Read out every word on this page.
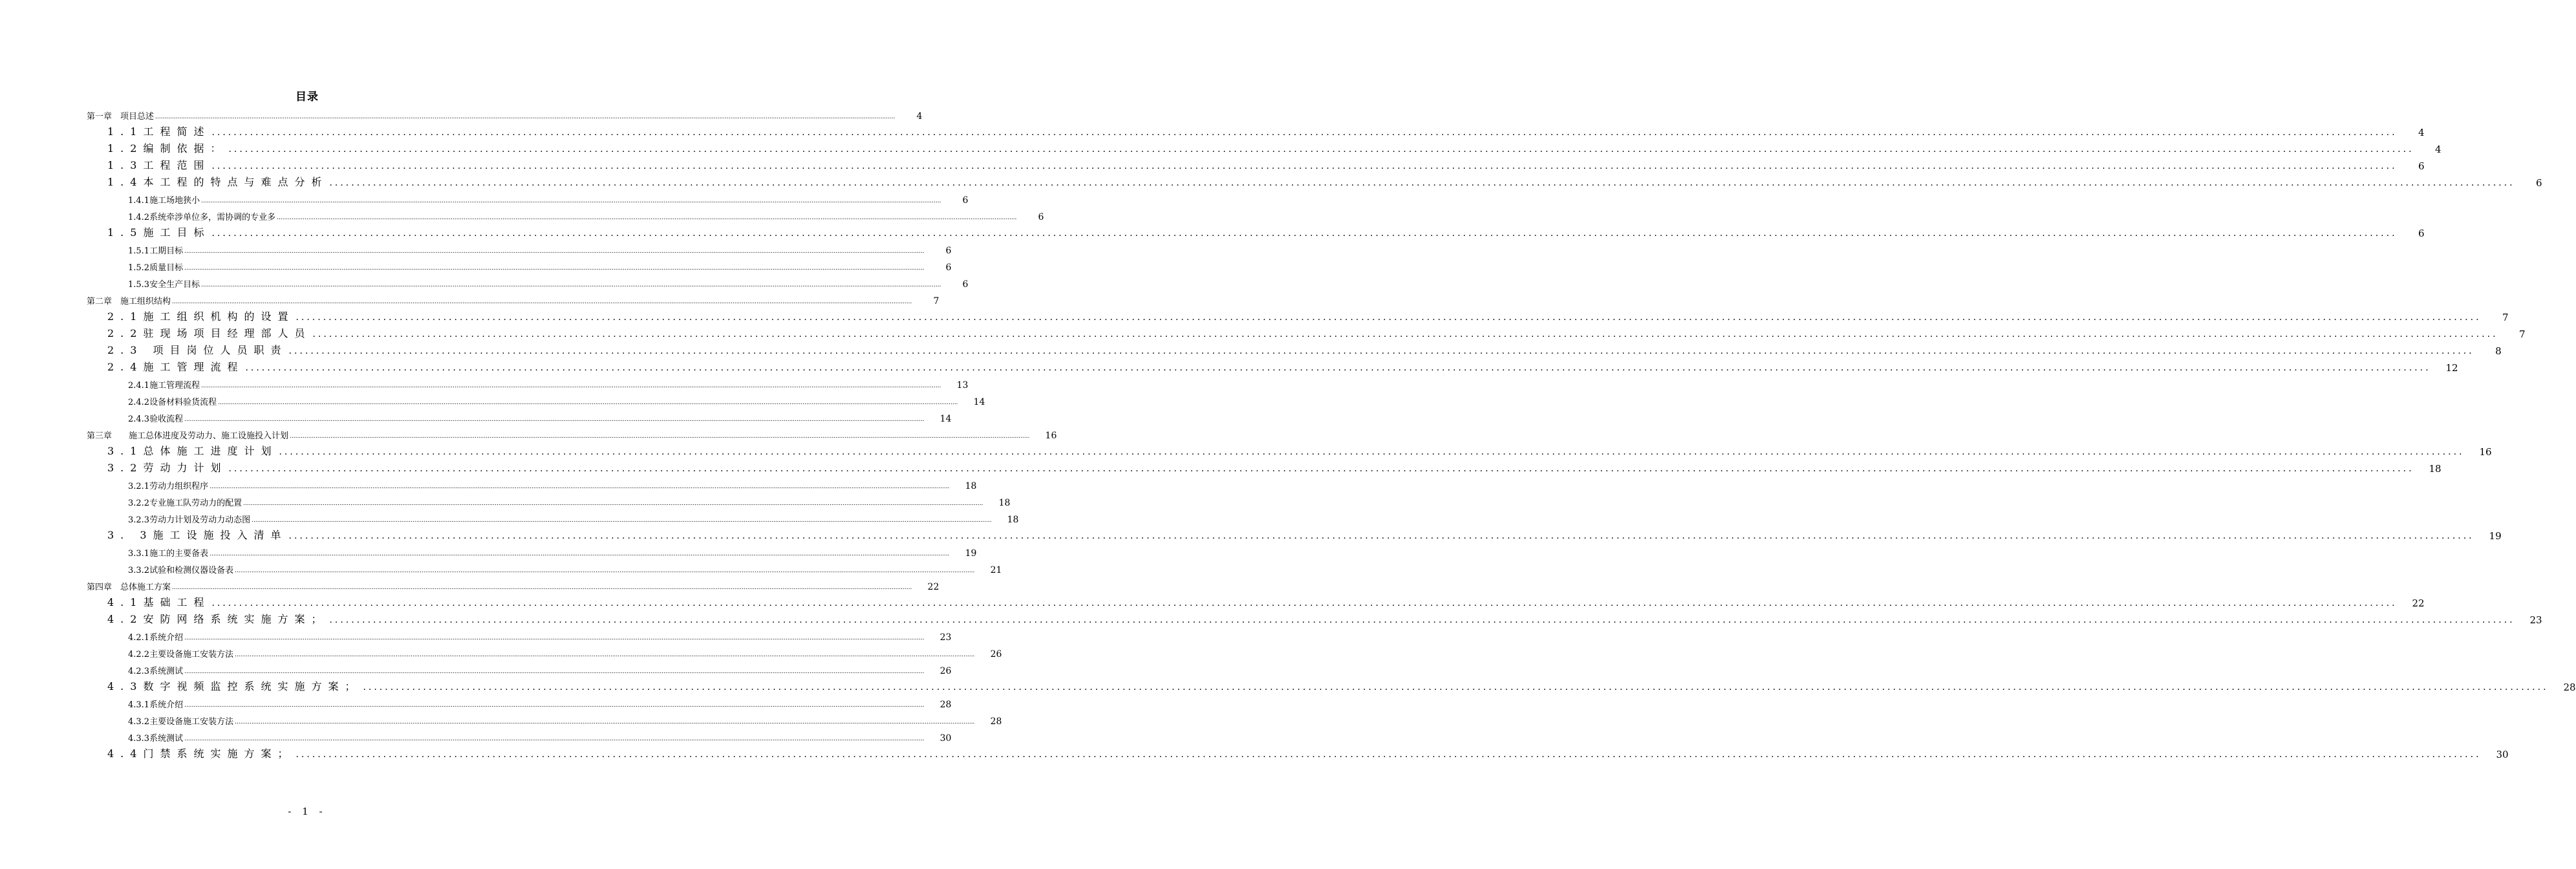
目录
第一章　项目总述 ................................................................................................................................................................................................................................................................................................................................................................................................................	4
1.1工程简述 ................................................................................................................................................................................................................................................................................................................................................................................................................	4
1.2编制依据： ................................................................................................................................................................................................................................................................................................................................................................................................................	4
1.3工程范围 ................................................................................................................................................................................................................................................................................................................................................................................................................	6
1.4本工程的特点与难点分析 ................................................................................................................................................................................................................................................................................................................................................................................................................	6
1.4.1施工场地狭小 ................................................................................................................................................................................................................................................................................................................................................................................................................	6
1.4.2系统牵涉单位多，需协调的专业多 ................................................................................................................................................................................................................................................................................................................................................................................................................	6
1.5施工目标 ................................................................................................................................................................................................................................................................................................................................................................................................................	6
1.5.1工期目标 ................................................................................................................................................................................................................................................................................................................................................................................................................	6
1.5.2质量目标 ................................................................................................................................................................................................................................................................................................................................................................................................................	6
1.5.3安全生产目标 ................................................................................................................................................................................................................................................................................................................................................................................................................	6
第二章　施工组织结构 ................................................................................................................................................................................................................................................................................................................................................................................................................	7
2.1施工组织机构的设置 ................................................................................................................................................................................................................................................................................................................................................................................................................	7
2.2驻现场项目经理部人员 ................................................................................................................................................................................................................................................................................................................................................................................................................	7
2.3 项目岗位人员职责 ................................................................................................................................................................................................................................................................................................................................................................................................................	8
2.4施工管理流程 ................................................................................................................................................................................................................................................................................................................................................................................................................	12
2.4.1施工管理流程 ................................................................................................................................................................................................................................................................................................................................................................................................................	13
2.4.2设备材料验货流程 ................................................................................................................................................................................................................................................................................................................................................................................................................	14
2.4.3验收流程 ................................................................................................................................................................................................................................................................................................................................................................................................................	14
第三章　　施工总体进度及劳动力、施工设施投入计划 ................................................................................................................................................................................................................................................................................................................................................................................................................	16
3.1总体施工进度计划 ................................................................................................................................................................................................................................................................................................................................................................................................................	16
3.2劳动力计划 ................................................................................................................................................................................................................................................................................................................................................................................................................	18
3.2.1劳动力组织程序 ................................................................................................................................................................................................................................................................................................................................................................................................................	18
3.2.2专业施工队劳动力的配置 ................................................................................................................................................................................................................................................................................................................................................................................................................	18
3.2.3劳动力计划及劳动力动态图 ................................................................................................................................................................................................................................................................................................................................................................................................................	18
3. 3施工设施投入清单 ................................................................................................................................................................................................................................................................................................................................................................................................................	19
3.3.1施工的主要备表 ................................................................................................................................................................................................................................................................................................................................................................................................................	19
3.3.2试验和检测仪器设备表 ................................................................................................................................................................................................................................................................................................................................................................................................................	21
第四章　总体施工方案 ................................................................................................................................................................................................................................................................................................................................................................................................................	22
4.1基础工程 ................................................................................................................................................................................................................................................................................................................................................................................................................	22
4.2安防网络系统实施方案； ................................................................................................................................................................................................................................................................................................................................................................................................................	23
4.2.1系统介绍 ................................................................................................................................................................................................................................................................................................................................................................................................................	23
4.2.2主要设备施工安装方法 ................................................................................................................................................................................................................................................................................................................................................................................................................	26
4.2.3系统测试 ................................................................................................................................................................................................................................................................................................................................................................................................................	26
4.3数字视频监控系统实施方案； ................................................................................................................................................................................................................................................................................................................................................................................................................	28
4.3.1系统介绍 ................................................................................................................................................................................................................................................................................................................................................................................................................	28
4.3.2主要设备施工安装方法 ................................................................................................................................................................................................................................................................................................................................................................................................................	28
4.3.3系统测试 ................................................................................................................................................................................................................................................................................................................................................................................................................	30
4.4门禁系统实施方案； ................................................................................................................................................................................................................................................................................................................................................................................................................	30
- 1 -
